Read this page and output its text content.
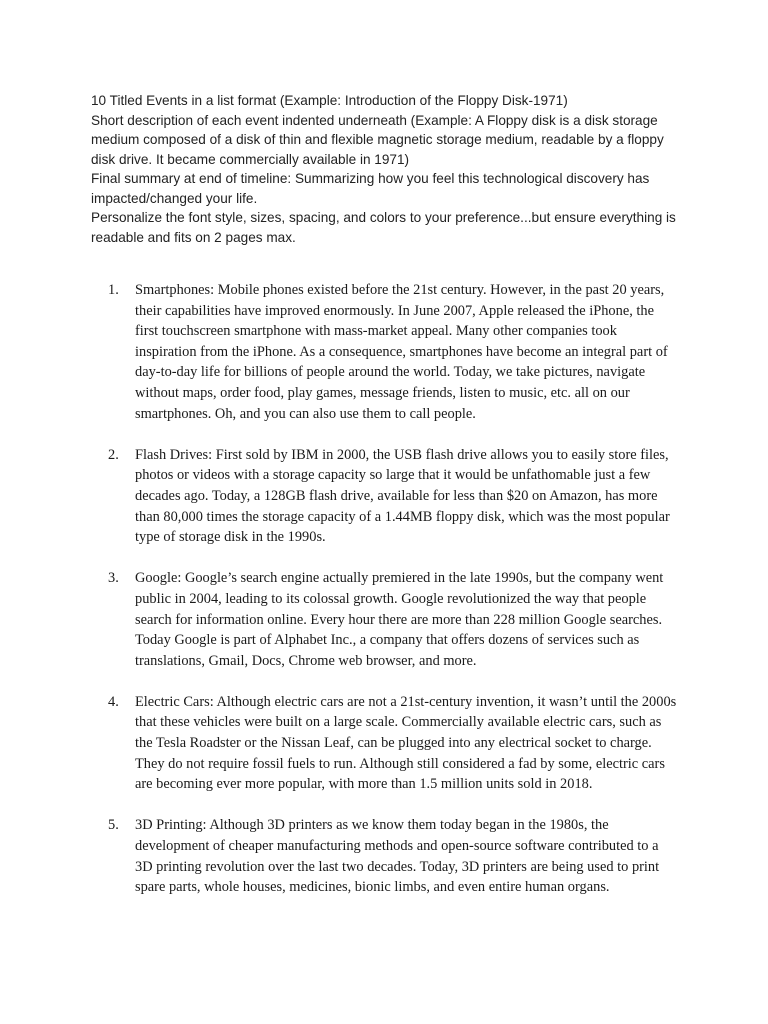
10 Titled Events in a list format (Example: Introduction of the Floppy Disk-1971)

Short description of each event indented underneath (Example: A Floppy disk is a disk storage medium composed of a disk of thin and flexible magnetic storage medium, readable by a floppy disk drive. It became commercially available in 1971)

Final summary at end of timeline: Summarizing how you feel this technological discovery has impacted/changed your life.

Personalize the font style, sizes, spacing, and colors to your preference...but ensure everything is readable and fits on 2 pages max.

1. Smartphones: Mobile phones existed before the 21st century. However, in the past 20 years, their capabilities have improved enormously. In June 2007, Apple released the iPhone, the first touchscreen smartphone with mass-market appeal. Many other companies took inspiration from the iPhone. As a consequence, smartphones have become an integral part of day-to-day life for billions of people around the world. Today, we take pictures, navigate without maps, order food, play games, message friends, listen to music, etc. all on our smartphones. Oh, and you can also use them to call people.
2. Flash Drives: First sold by IBM in 2000, the USB flash drive allows you to easily store files, photos or videos with a storage capacity so large that it would be unfathomable just a few decades ago. Today, a 128GB flash drive, available for less than $20 on Amazon, has more than 80,000 times the storage capacity of a 1.44MB floppy disk, which was the most popular type of storage disk in the 1990s.
3. Google: Google’s search engine actually premiered in the late 1990s, but the company went public in 2004, leading to its colossal growth. Google revolutionized the way that people search for information online. Every hour there are more than 228 million Google searches. Today Google is part of Alphabet Inc., a company that offers dozens of services such as translations, Gmail, Docs, Chrome web browser, and more.
4. Electric Cars: Although electric cars are not a 21st-century invention, it wasn’t until the 2000s that these vehicles were built on a large scale. Commercially available electric cars, such as the Tesla Roadster or the Nissan Leaf, can be plugged into any electrical socket to charge. They do not require fossil fuels to run. Although still considered a fad by some, electric cars are becoming ever more popular, with more than 1.5 million units sold in 2018.
5. 3D Printing: Although 3D printers as we know them today began in the 1980s, the development of cheaper manufacturing methods and open-source software contributed to a 3D printing revolution over the last two decades. Today, 3D printers are being used to print spare parts, whole houses, medicines, bionic limbs, and even entire human organs.
